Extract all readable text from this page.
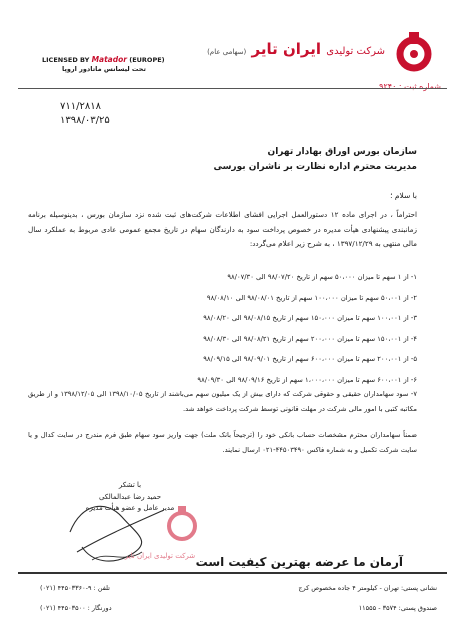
شرکت تولیدی ایران تایر (سهامی عام)
شماره ثبت : ۹۲۴۰
LICENSED BY Matador (EUROPE)
تحت لیسانس ماتادور اروپا
۷۱۱/۲۸۱۸
۱۳۹۸/۰۳/۲۵
سازمان بورس اوراق بهادار تهران
مدیریت محترم اداره نظارت بر ناشران بورسی
با سلام ؛
احتراماً ، در اجرای ماده ۱۲ دستورالعمل اجرایی افشای اطلاعات شرکت‌های ثبت شده نزد سازمان بورس ، بدینوسیله برنامه زمانبندی پیشنهادی هیأت مدیره در خصوص پرداخت سود به دارندگان سهام در تاریخ مجمع عمومی عادی مربوط به عملکرد سال مالی منتهی به ۱۳۹۷/۱۲/۲۹ ، به شرح زیر اعلام می‌گردد:
۱- از ۱ سهم تا میزان ۵۰،۰۰۰ سهم از تاریخ ۹۸/۰۷/۲۰ الی ۹۸/۰۷/۳۰
۲- از ۵۰،۰۰۱ سهم تا میزان ۱۰۰،۰۰۰ سهم از تاریخ ۹۸/۰۸/۰۱ الی ۹۸/۰۸/۱۰
۳- از ۱۰۰،۰۰۱ سهم تا میزان ۱۵۰،۰۰۰ سهم از تاریخ ۹۸/۰۸/۱۵ الی ۹۸/۰۸/۲۰
۴- از ۱۵۰،۰۰۱ سهم تا میزان ۲۰۰،۰۰۰ سهم از تاریخ ۹۸/۰۸/۲۱ الی ۹۸/۰۸/۳۰
۵- از ۲۰۰،۰۰۱ سهم تا میزان ۶۰۰،۰۰۰ سهم از تاریخ ۹۸/۰۹/۰۱ الی ۹۸/۰۹/۱۵
۶- از ۶۰۰،۰۰۱ سهم تا میزان ۱،۰۰۰،۰۰۰ سهم از تاریخ ۹۸/۰۹/۱۶ الی ۹۸/۰۹/۳۰
۷- سود سهامداران حقیقی و حقوقی شرکت که دارای بیش از یک میلیون سهم می‌باشند از تاریخ ۱۳۹۸/۱۰/۰۵ الی ۱۳۹۸/۱۲/۰۵ و از طریق مکاتبه کتبی با امور مالی شرکت در مهلت قانونی توسط شرکت پرداخت خواهد شد.
ضمناً سهامداران محترم مشخصات حساب بانکی خود را (ترجیحاً بانک ملت) جهت واریز سود سهام طبق فرم مندرج در سایت کدال و یا سایت شرکت تکمیل و به شماره فاکس ۴۴۵۰۳۴۹۰-۰۲۱ ارسال نمایند.
با تشکر
حمید رضا عبدالمالکی
مدیر عامل و عضو هیأت مدیره
شرکت تولیدی ایران تایر آرمان ما عرضه بهترین کیفیت است
نشانی پستی: تهران - کیلومتر ۴ جاده مخصوص کرج
صندوق پستی: ۳۵۷۴ - ۱۱۵۵۵
تلفن : ۹-۴۴۵۰۳۳۶۰ (۰۲۱)
دورنگار : ۴۴۵۰۳۵۰۰ (۰۲۱)
